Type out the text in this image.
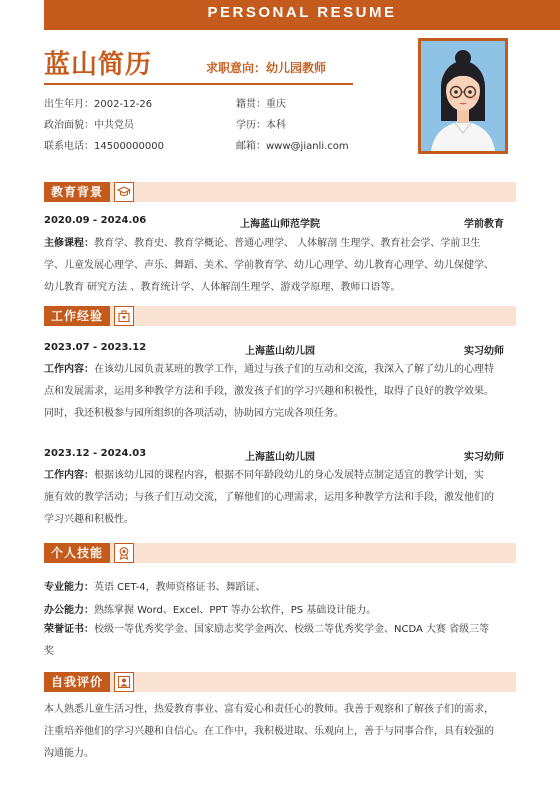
PERSONAL RESUME
蓝山简历	求职意向：幼儿园教师
出生年月：2002-12-26	籍贯：重庆
政治面貌：中共党员	学历：本科
联系电话：14500000000	邮箱：www@jianli.com
教育背景
2020.09 - 2024.06	上海蓝山师范学院	学前教育
主修课程：教育学、教育史、教育学概论、普通心理学、 人体解剖 生理学、教育社会学、学前卫生
学、儿童发展心理学、声乐、舞蹈、美术、学前教育学、幼儿心理学、幼儿教育心理学、幼儿保健学、
幼儿教育 研究方法 、教育统计学、人体解剖生理学、游戏学原理、教师口语等。
工作经验
2023.07 - 2023.12	上海蓝山幼儿园	实习幼师
工作内容：在该幼儿园负责某班的教学工作，通过与孩子们的互动和交流，我深入了解了幼儿的心理特
点和发展需求，运用多种教学方法和手段，激发孩子们的学习兴趣和积极性，取得了良好的教学效果。
同时，我还积极参与园所组织的各项活动，协助园方完成各项任务。
2023.12 - 2024.03	上海蓝山幼儿园	实习幼师
工作内容：根据该幼儿园的课程内容，根据不同年龄段幼儿的身心发展特点制定适宜的教学计划，实
施有效的教学活动；与孩子们互动交流，了解他们的心理需求，运用多种教学方法和手段，激发他们的
学习兴趣和积极性。
个人技能
专业能力：英语 CET-4，教师资格证书、舞蹈证、
办公能力：熟练掌握 Word、Excel、PPT 等办公软件，PS 基础设计能力。
荣誉证书：校级一等优秀奖学金、国家励志奖学金两次、校级二等优秀奖学金、NCDA 大赛 省级三等
奖
自我评价
本人熟悉儿童生活习性，热爱教育事业、富有爱心和责任心的教师。我善于观察和了解孩子们的需求，
注重培养他们的学习兴趣和自信心。在工作中，我积极进取、乐观向上，善于与同事合作，具有较强的
沟通能力。
